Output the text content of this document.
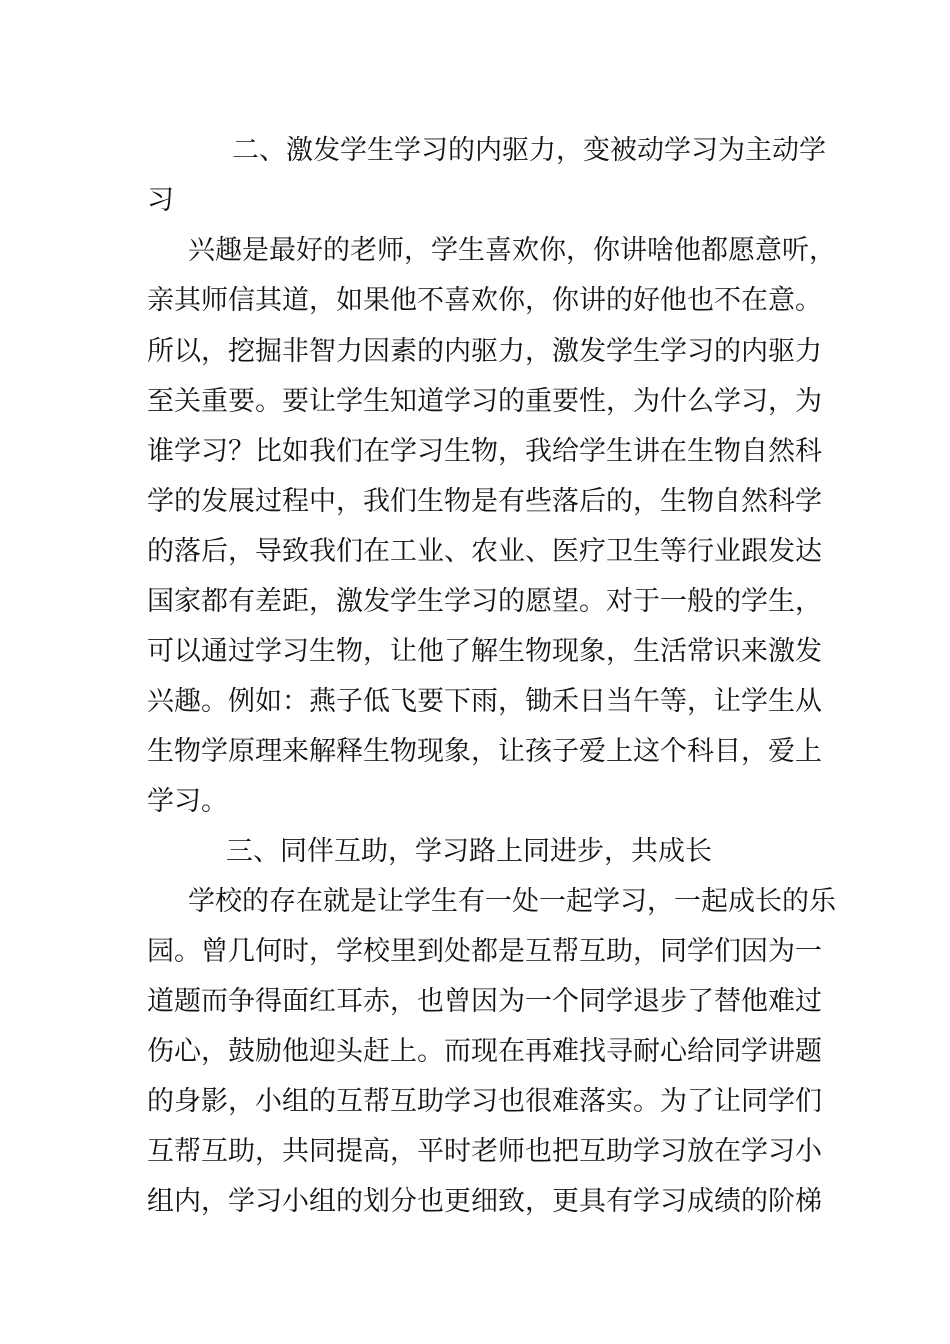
二、激发学生学习的内驱力，变被动学习为主动学
习
兴趣是最好的老师，学生喜欢你，你讲啥他都愿意听，
亲其师信其道，如果他不喜欢你，你讲的好他也不在意。
所以，挖掘非智力因素的内驱力，激发学生学习的内驱力
至关重要。要让学生知道学习的重要性，为什么学习，为
谁学习？比如我们在学习生物，我给学生讲在生物自然科
学的发展过程中，我们生物是有些落后的，生物自然科学
的落后，导致我们在工业、农业、医疗卫生等行业跟发达
国家都有差距，激发学生学习的愿望。对于一般的学生，
可以通过学习生物，让他了解生物现象，生活常识来激发
兴趣。例如：燕子低飞要下雨，锄禾日当午等，让学生从
生物学原理来解释生物现象，让孩子爱上这个科目，爱上
学习。
三、同伴互助，学习路上同进步，共成长
学校的存在就是让学生有一处一起学习，一起成长的乐
园。曾几何时，学校里到处都是互帮互助，同学们因为一
道题而争得面红耳赤，也曾因为一个同学退步了替他难过
伤心，鼓励他迎头赶上。而现在再难找寻耐心给同学讲题
的身影，小组的互帮互助学习也很难落实。为了让同学们
互帮互助，共同提高，平时老师也把互助学习放在学习小
组内，学习小组的划分也更细致，更具有学习成绩的阶梯
